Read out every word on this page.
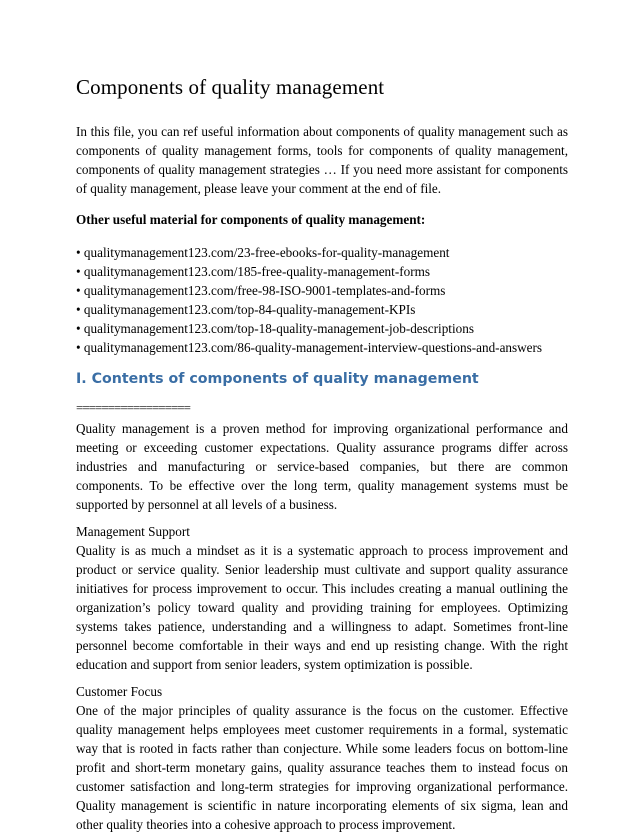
Components of quality management

In this file, you can ref useful information about components of quality management such as components of quality management forms, tools for components of quality management, components of quality management strategies … If you need more assistant for components of quality management, please leave your comment at the end of file.

Other useful material for components of quality management:

• qualitymanagement123.com/23-free-ebooks-for-quality-management
• qualitymanagement123.com/185-free-quality-management-forms
• qualitymanagement123.com/free-98-ISO-9001-templates-and-forms
• qualitymanagement123.com/top-84-quality-management-KPIs
• qualitymanagement123.com/top-18-quality-management-job-descriptions
• qualitymanagement123.com/86-quality-management-interview-questions-and-answers
I. Contents of components of quality management
==================

Quality management is a proven method for improving organizational performance and meeting or exceeding customer expectations. Quality assurance programs differ across industries and manufacturing or service-based companies, but there are common components. To be effective over the long term, quality management systems must be supported by personnel at all levels of a business.

Management Support

Quality is as much a mindset as it is a systematic approach to process improvement and product or service quality. Senior leadership must cultivate and support quality assurance initiatives for process improvement to occur. This includes creating a manual outlining the organization’s policy toward quality and providing training for employees. Optimizing systems takes patience, understanding and a willingness to adapt. Sometimes front-line personnel become comfortable in their ways and end up resisting change. With the right education and support from senior leaders, system optimization is possible.

Customer Focus

One of the major principles of quality assurance is the focus on the customer. Effective quality management helps employees meet customer requirements in a formal, systematic way that is rooted in facts rather than conjecture. While some leaders focus on bottom-line profit and short-term monetary gains, quality assurance teaches them to instead focus on customer satisfaction and long-term strategies for improving organizational performance. Quality management is scientific in nature incorporating elements of six sigma, lean and other quality theories into a cohesive approach to process improvement.
